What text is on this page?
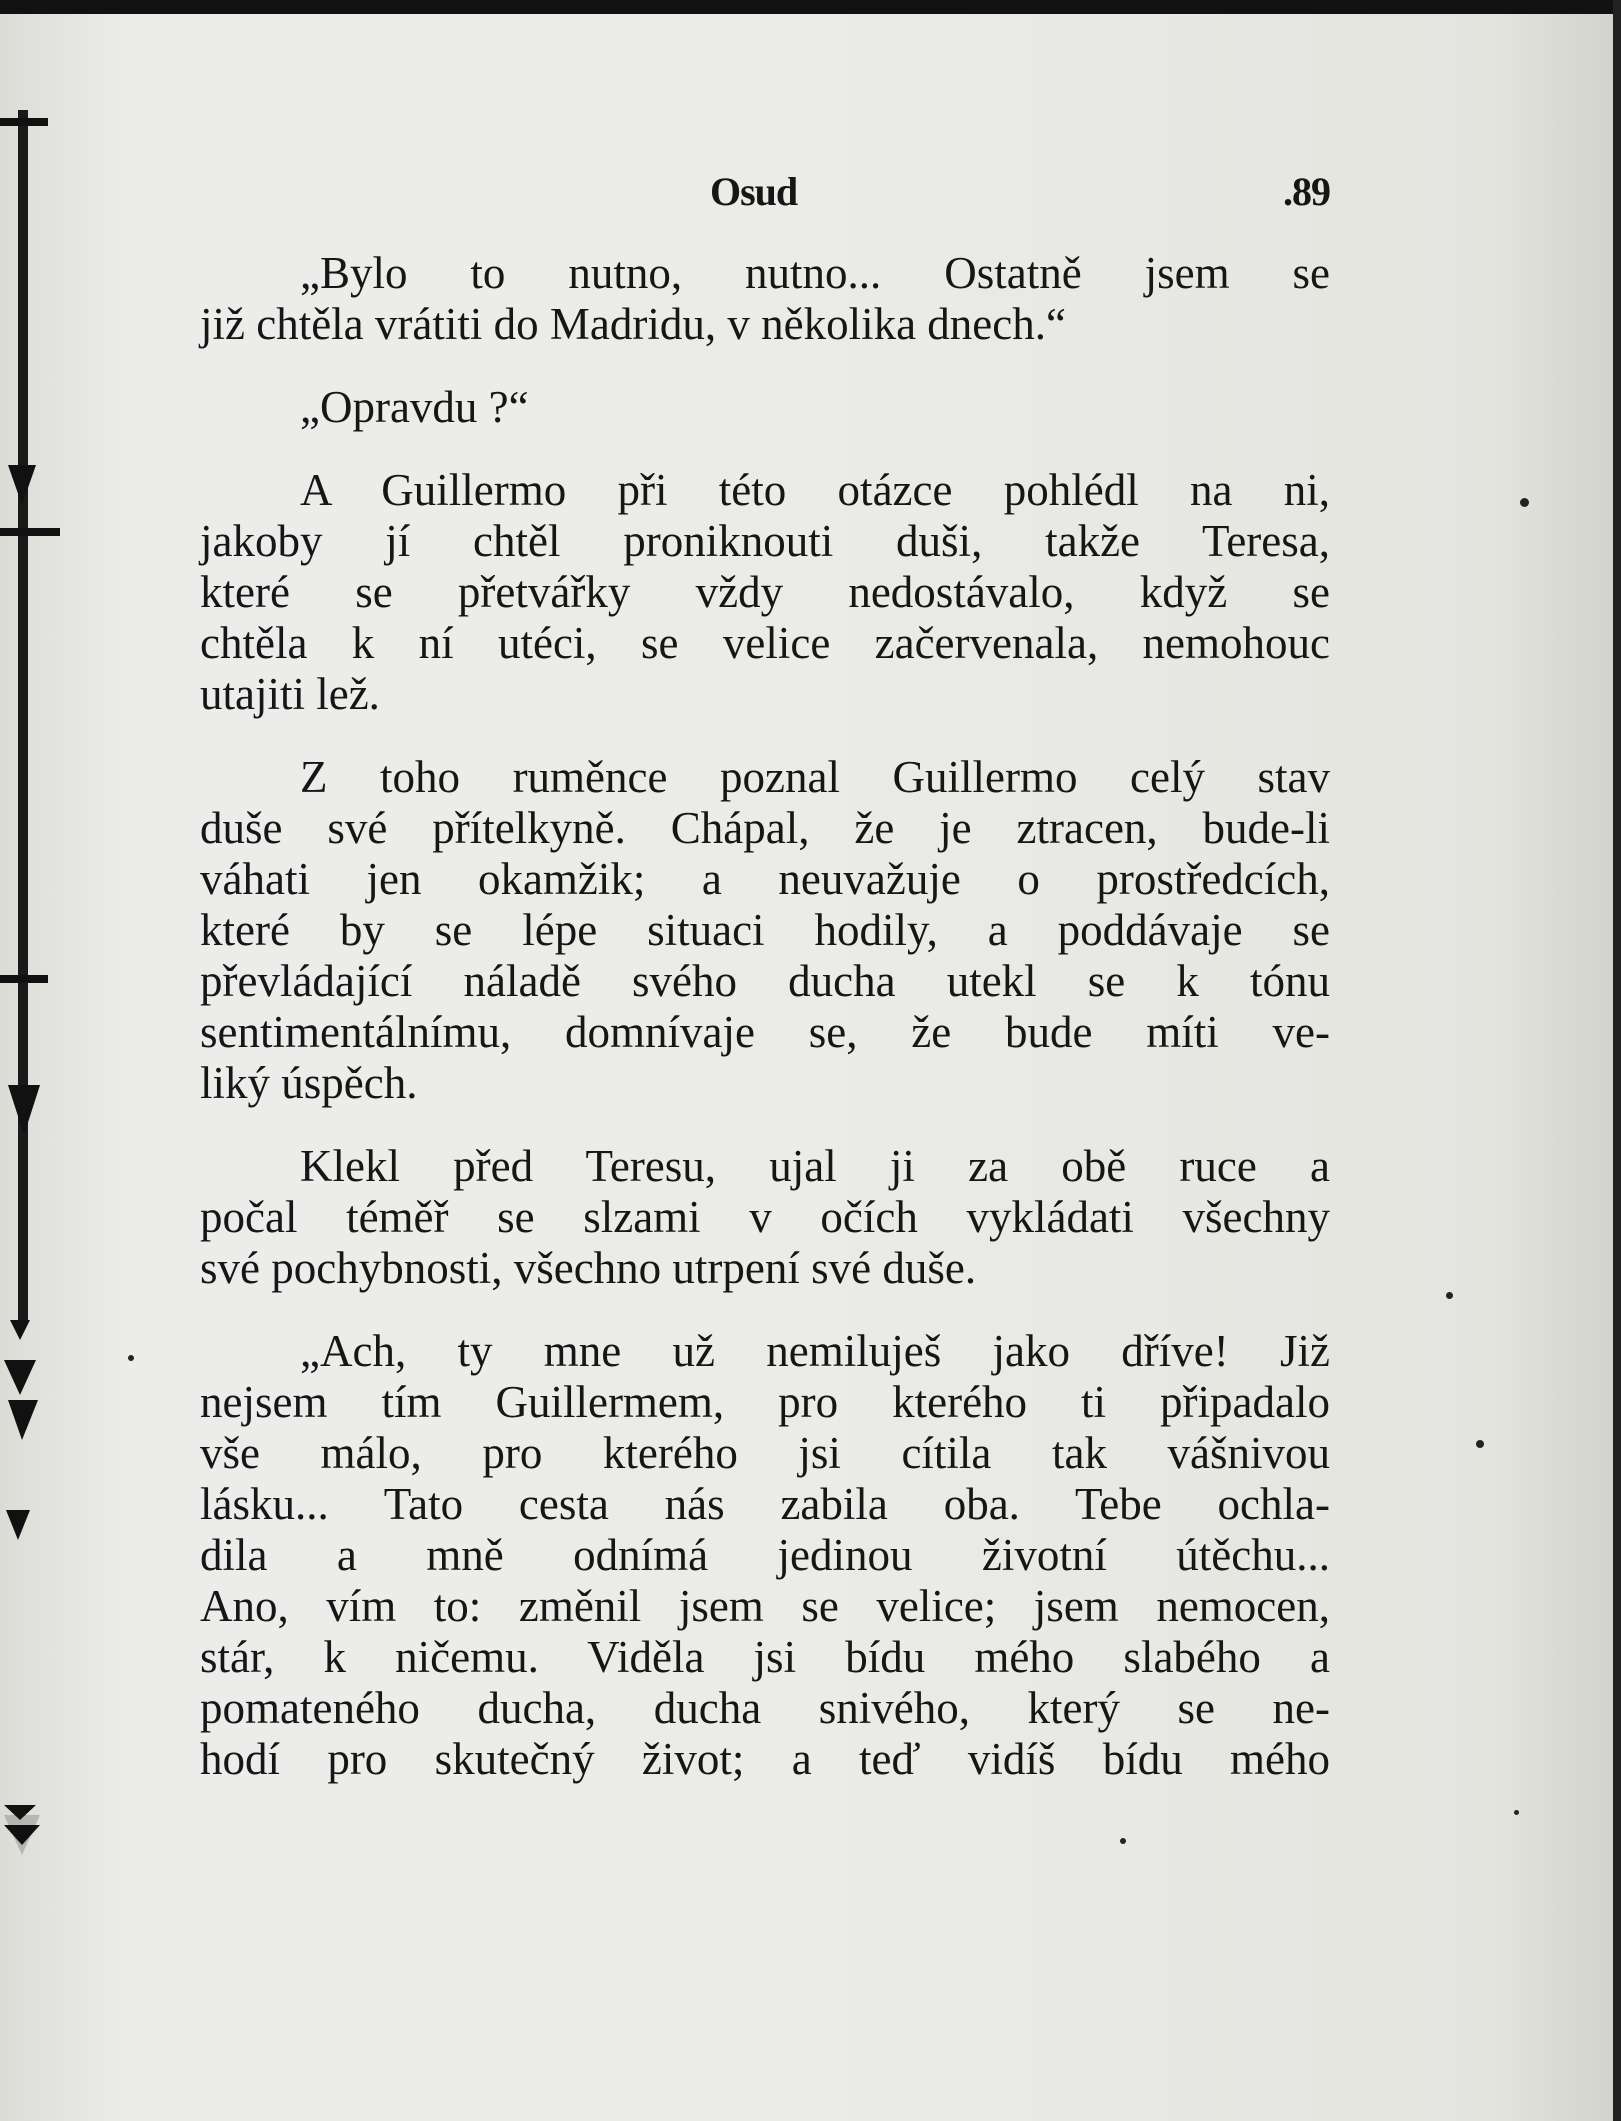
Osud	.89

„Bylo to nutno, nutno... Ostatně jsem se
již chtěla vrátiti do Madridu, v několika dnech.“

„Opravdu ?“

A Guillermo při této otázce pohlédl na ni,
jakoby jí chtěl proniknouti duši, takže Teresa,
které se přetvářky vždy nedostávalo, když se
chtěla k ní utéci, se velice začervenala, nemohouc
utajiti lež.

Z toho ruměnce poznal Guillermo celý stav
duše své přítelkyně. Chápal, že je ztracen, bude-li
váhati jen okamžik; a neuvažuje o prostředcích,
které by se lépe situaci hodily, a poddávaje se
převládající náladě svého ducha utekl se k tónu
sentimentálnímu, domnívaje se, že bude míti ve-
liký úspěch.

Klekl před Teresu, ujal ji za obě ruce a
počal téměř se slzami v očích vykládati všechny
své pochybnosti, všechno utrpení své duše.

„Ach, ty mne už nemiluješ jako dříve! Již
nejsem tím Guillermem, pro kterého ti připadalo
vše málo, pro kterého jsi cítila tak vášnivou
lásku... Tato cesta nás zabila oba. Tebe ochla-
dila a mně odnímá jedinou životní útěchu...
Ano, vím to: změnil jsem se velice; jsem nemocen,
stár, k ničemu. Viděla jsi bídu mého slabého a
pomateného ducha, ducha snivého, který se ne-
hodí pro skutečný život; a teď vidíš bídu mého
